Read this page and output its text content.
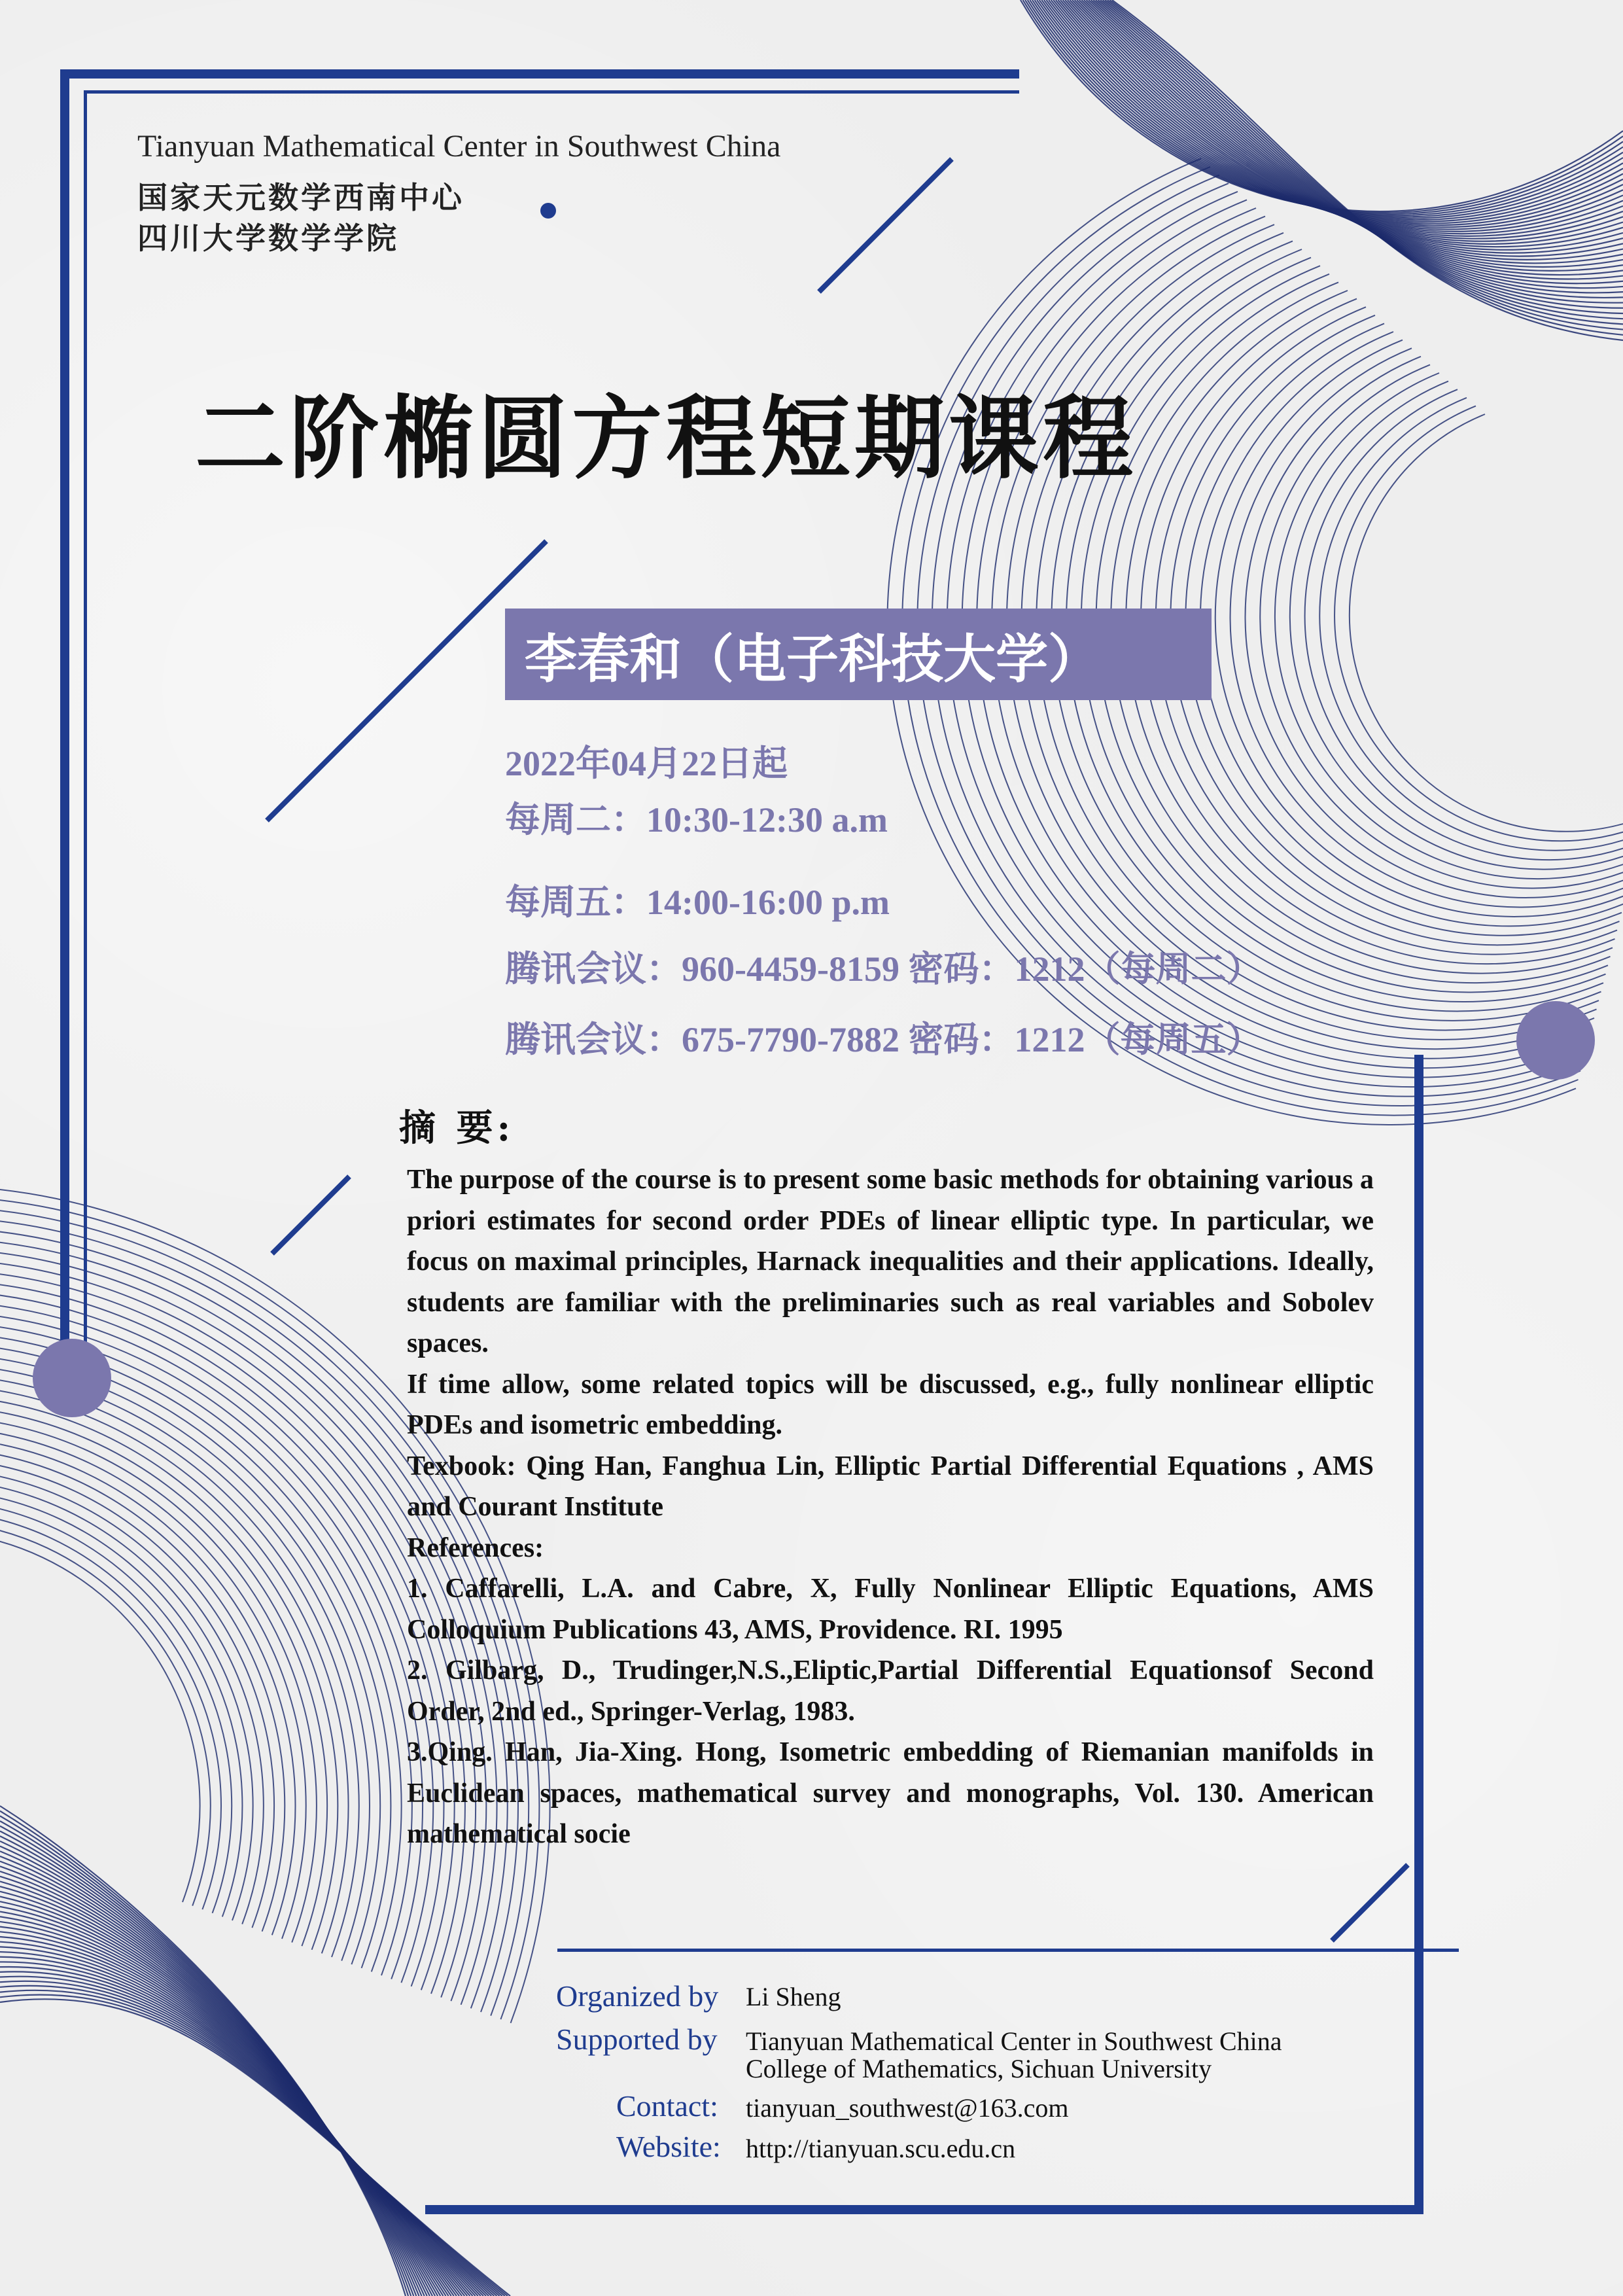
Tianyuan Mathematical Center in Southwest China
国家天元数学西南中心
四川大学数学学院
二阶椭圆方程短期课程
李春和（电子科技大学）
2022年04月22日起
每周二：10:30-12:30 a.m
每周五：14:00-16:00 p.m
腾讯会议：960-4459-8159 密码：1212（每周二）
腾讯会议：675-7790-7882 密码：1212（每周五）
摘 要:

The purpose of the course is to present some basic methods for obtaining various a priori estimates for second order PDEs of linear elliptic type. In particular, we focus on maximal principles, Harnack inequalities and their applications. Ideally, students are familiar with the preliminaries such as real variables and Sobolev spaces.

If time allow, some related topics will be discussed, e.g., fully nonlinear elliptic PDEs and isometric embedding.

Texbook: Qing Han, Fanghua Lin, Elliptic Partial Differential Equations , AMS and Courant Institute

References:

1. Caffarelli, L.A. and Cabre, X, Fully Nonlinear Elliptic Equations, AMS Colloquium Publications 43, AMS, Providence. RI. 1995

2. Gilbarg, D., Trudinger,N.S.,Eliptic,Partial Differential Equationsof Second Order, 2nd ed., Springer-Verlag, 1983.

3.Qing. Han, Jia-Xing. Hong, Isometric embedding of Riemanian manifolds in Euclidean spaces, mathematical survey and monographs, Vol. 130. American mathematical socie

Organized by Li Sheng
Supported by Tianyuan Mathematical Center in Southwest China
College of Mathematics, Sichuan University
Contact: tianyuan_southwest@163.com
Website: http://tianyuan.scu.edu.cn
